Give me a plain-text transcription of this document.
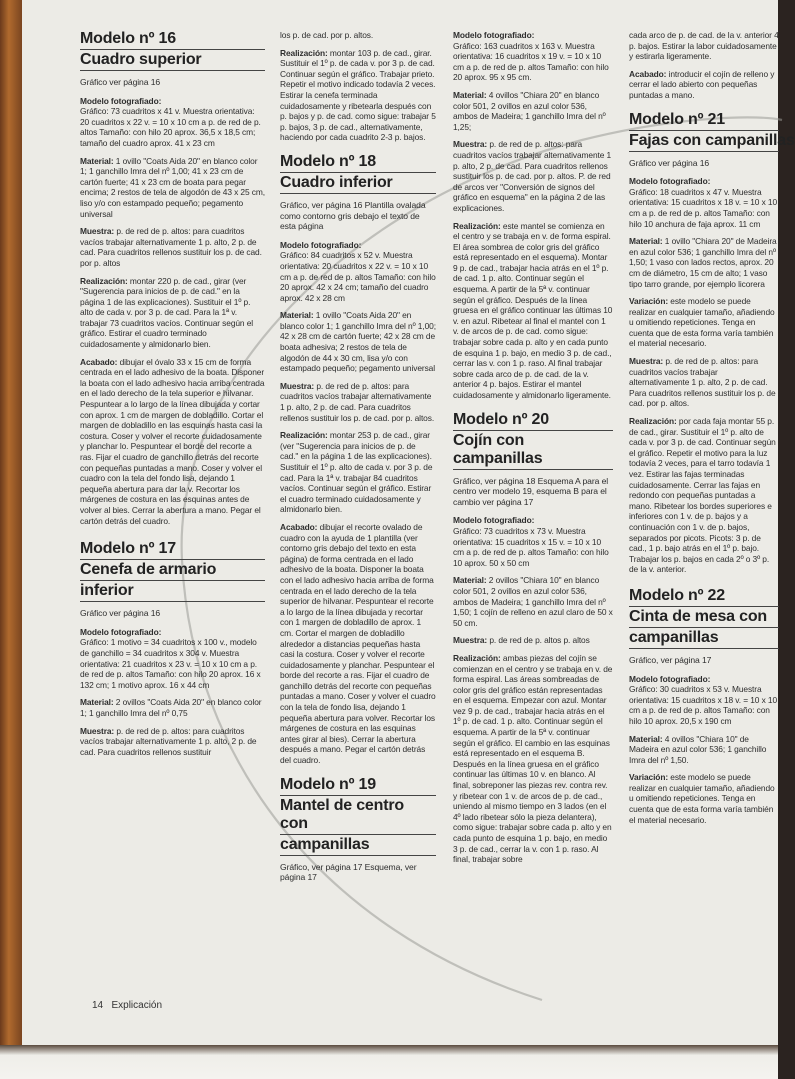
Modelo nº 16
Cuadro superior
Gráfico ver página 16
Modelo fotografiado:

Gráfico: 73 cuadritos x 41 v. Muestra orientativa: 20 cuadritos x 22 v. = 10 x 10 cm a p. de red de p. altos Tamaño: con hilo 20 aprox. 36,5 x 18,5 cm; tamaño del cuadro aprox. 41 x 23 cm

Material: 1 ovillo "Coats Aida 20" en blanco color 1; 1 ganchillo Imra del nº 1,00; 41 x 23 cm de cartón fuerte; 41 x 23 cm de boata para pegar encima; 2 restos de tela de algodón de 43 x 25 cm, liso y/o con estampado pequeño; pegamento universal

Muestra: p. de red de p. altos: para cuadritos vacíos trabajar alternativamente 1 p. alto, 2 p. de cad. Para cuadritos rellenos sustituir los p. de cad. por p. altos

Realización: montar 220 p. de cad., girar (ver "Sugerencia para inicios de p. de cad." en la página 1 de las explicaciones). Sustituir el 1º p. alto de cada v. por 3 p. de cad. Para la 1ª v. trabajar 73 cuadritos vacíos. Continuar según el gráfico. Estirar el cuadro terminado cuidadosamente y almidonarlo bien.

Acabado: dibujar el óvalo 33 x 15 cm de forma centrada en el lado adhesivo de la boata. Disponer la boata con el lado adhesivo hacia arriba centrada en el lado derecho de la tela superior e hilvanar. Pespuntear a lo largo de la línea dibujada y cortar con aprox. 1 cm de margen de dobladillo. Cortar el margen de dobladillo en las esquinas hasta casi la costura. Coser y volver el recorte cuidadosamente y planchar lo. Pespuntear el borde del recorte a ras. Fijar el cuadro de ganchillo detrás del recorte con pequeñas puntadas a mano. Coser y volver el cuadro con la tela del fondo lisa, dejando 1 pequeña abertura para dar la v. Recortar los márgenes de costura en las esquinas antes de volver al bies. Cerrar la abertura a mano. Pegar el cartón detrás del cuadro.

Modelo nº 17
Cenefa de armario
inferior
Gráfico ver página 16
Modelo fotografiado:

Gráfico: 1 motivo = 34 cuadritos x 100 v., modelo de ganchillo = 34 cuadritos x 304 v. Muestra orientativa: 21 cuadritos x 23 v. = 10 x 10 cm a p. de red de p. altos Tamaño: con hilo 20 aprox. 16 x 132 cm; 1 motivo aprox. 16 x 44 cm

Material: 2 ovillos "Coats Aida 20" en blanco color 1; 1 ganchillo Imra del nº 0,75

Muestra: p. de red de p. altos: para cuadritos vacíos trabajar alternativamente 1 p. alto, 2 p. de cad. Para cuadritos rellenos sustituir

los p. de cad. por p. altos.

Realización: montar 103 p. de cad., girar. Sustituir el 1º p. de cada v. por 3 p. de cad. Continuar según el gráfico. Trabajar prieto. Repetir el motivo indicado todavía 2 veces. Estirar la cenefa terminada cuidadosamente y ribetearla después con p. bajos y p. de cad. como sigue: trabajar 5 p. bajos, 3 p. de cad., alternativamente, haciendo por cada cuadrito 2-3 p. bajos.

Modelo nº 18
Cuadro inferior
Gráfico, ver página 16 Plantilla ovalada como contorno gris debajo el texto de esta página
Modelo fotografiado:

Gráfico: 84 cuadritos x 52 v. Muestra orientativa: 20 cuadritos x 22 v. = 10 x 10 cm a p. de red de p. altos Tamaño: con hilo 20 aprox. 42 x 24 cm; tamaño del cuadro aprox. 42 x 28 cm

Material: 1 ovillo "Coats Aida 20" en blanco color 1; 1 ganchillo Imra del nº 1,00; 42 x 28 cm de cartón fuerte; 42 x 28 cm de boata adhesiva; 2 restos de tela de algodón de 44 x 30 cm, lisa y/o con estampado pequeño; pegamento universal

Muestra: p. de red de p. altos: para cuadritos vacíos trabajar alternativamente 1 p. alto, 2 p. de cad. Para cuadritos rellenos sustituir los p. de cad. por p. altos.

Realización: montar 253 p. de cad., girar (ver "Sugerencia para inicios de p. de cad." en la página 1 de las explicaciones). Sustituir el 1º p. alto de cada v. por 3 p. de cad. Para la 1ª v. trabajar 84 cuadritos vacíos. Continuar según el gráfico. Estirar el cuadro terminado cuidadosamente y almidonarlo bien.

Acabado: dibujar el recorte ovalado de cuadro con la ayuda de 1 plantilla (ver contorno gris debajo del texto en esta página) de forma centrada en el lado adhesivo de la boata. Disponer la boata con el lado adhesivo hacia arriba de forma centrada en el lado derecho de la tela superior de hilvanar. Pespuntear el recorte a lo largo de la línea dibujada y recortar con 1 margen de dobladillo de aprox. 1 cm. Cortar el margen de dobladillo alrededor a distancias pequeñas hasta casi la costura. Coser y volver el recorte cuidadosamente y planchar. Pespuntear el borde del recorte a ras. Fijar el cuadro de ganchillo detrás del recorte con pequeñas puntadas a mano. Coser y volver el cuadro con la tela de fondo lisa, dejando 1 pequeña abertura para volver. Recortar los márgenes de costura en las esquinas antes girar al bies). Cerrar la abertura después a mano. Pegar el cartón detrás del cuadro.

Modelo nº 19
Mantel de centro con
campanillas
Gráfico, ver página 17 Esquema, ver página 17
Modelo fotografiado:

Gráfico: 163 cuadritos x 163 v. Muestra orientativa: 16 cuadritos x 19 v. = 10 x 10 cm a p. de red de p. altos Tamaño: con hilo 20 aprox. 95 x 95 cm.

Material: 4 ovillos "Chiara 20" en blanco color 501, 2 ovillos en azul color 536, ambos de Madeira; 1 ganchillo Imra del nº 1,25;

Muestra: p. de red de p. altos: para cuadritos vacíos trabajar alternativamente 1 p. alto, 2 p. de cad. Para cuadritos rellenos sustituir los p. de cad. por p. altos. P. de red de arcos ver "Conversión de signos del gráfico en esquema" en la página 2 de las explicaciones.

Realización: este mantel se comienza en el centro y se trabaja en v. de forma espiral. El área sombrea de color gris del gráfico está representado en el esquema). Montar 9 p. de cad., trabajar hacia atrás en el 1º p. de cad. 1 p. alto. Continuar según el esquema. A partir de la 5ª v. continuar según el gráfico. Después de la línea gruesa en el gráfico continuar las últimas 10 v. en azul. Ribetear al final el mantel con 1 v. de arcos de p. de cad. como sigue: trabajar sobre cada p. alto y en cada punto de esquina 1 p. bajo, en medio 3 p. de cad., cerrar las v. con 1 p. raso. Al final trabajar sobre cada arco de p. de cad. de la v. anterior 4 p. bajos. Estirar el mantel cuidadosamente y almidonarlo ligeramente.

Modelo nº 20
Cojín con campanillas
Gráfico, ver página 18 Esquema A para el centro ver modelo 19, esquema B para el cambio ver página 17
Modelo fotografiado:

Gráfico: 73 cuadritos x 73 v. Muestra orientativa: 15 cuadritos x 15 v. = 10 x 10 cm a p. de red de p. altos Tamaño: con hilo 10 aprox. 50 x 50 cm

Material: 2 ovillos "Chiara 10" en blanco color 501, 2 ovillos en azul color 536, ambos de Madeira; 1 ganchillo Imra del nº 1,50; 1 cojín de relleno en azul claro de 50 x 50 cm.

Muestra: p. de red de p. altos p. altos

Realización: ambas piezas del cojín se comienzan en el centro y se trabaja en v. de forma espiral. Las áreas sombreadas de color gris del gráfico están representadas en el esquema. Empezar con azul. Montar vez 9 p. de cad., trabajar hacia atrás en el 1º p. de cad. 1 p. alto. Continuar según el esquema. A partir de la 5ª v. continuar según el gráfico. El cambio en las esquinas está representado en el esquema B. Después en la línea gruesa en el gráfico continuar las últimas 10 v. en blanco. Al final, sobreponer las piezas rev. contra rev. y ribetear con 1 v. de arcos de p. de cad., uniendo al mismo tiempo en 3 lados (en el 4º lado ribetear sólo la pieza delantera), como sigue: trabajar sobre cada p. alto y en cada punto de esquina 1 p. bajo, en medio 3 p. de cad., cerrar la v. con 1 p. raso. Al final, trabajar sobre

cada arco de p. de cad. de la v. anterior 4 p. bajos. Estirar la labor cuidadosamente y estirarla ligeramente.

Acabado: introducir el cojín de relleno y cerrar el lado abierto con pequeñas puntadas a mano.

Modelo nº 21
Fajas con campanillas
Gráfico ver página 16
Modelo fotografiado:

Gráfico: 18 cuadritos x 47 v. Muestra orientativa: 15 cuadritos x 18 v. = 10 x 10 cm a p. de red de p. altos Tamaño: con hilo 10 anchura de faja aprox. 11 cm

Material: 1 ovillo "Chiara 20" de Madeira en azul color 536; 1 ganchillo Imra del nº 1,50; 1 vaso con lados rectos, aprox. 20 cm de diámetro, 15 cm de alto; 1 vaso tipo tarro grande, por ejemplo licorera

Variación: este modelo se puede realizar en cualquier tamaño, añadiendo u omitiendo repeticiones. Tenga en cuenta que de esta forma varía también el material necesario.

Muestra: p. de red de p. altos: para cuadritos vacíos trabajar alternativamente 1 p. alto, 2 p. de cad. Para cuadritos rellenos sustituir los p. de cad. por p. altos.

Realización: por cada faja montar 55 p. de cad., girar. Sustituir el 1º p. alto de cada v. por 3 p. de cad. Continuar según el gráfico. Repetir el motivo para la luz todavía 2 veces, para el tarro todavía 1 vez. Estirar las fajas terminadas cuidadosamente. Cerrar las fajas en redondo con pequeñas puntadas a mano. Ribetear los bordes superiores e inferiores con 1 v. de p. bajos y a continuación con 1 v. de p. bajos, separados por picots. Picots: 3 p. de cad., 1 p. bajo atrás en el 1º p. bajo. Trabajar los p. bajos en cada 2º o 3º p. de la v. anterior.

Modelo nº 22
Cinta de mesa con
campanillas
Gráfico, ver página 17
Modelo fotografiado:

Gráfico: 30 cuadritos x 53 v. Muestra orientativa: 15 cuadritos x 18 v. = 10 x 10 cm a p. de red de p. altos Tamaño: con hilo 10 aprox. 20,5 x 190 cm

Material: 4 ovillos "Chiara 10" de Madeira en azul color 536; 1 ganchillo Imra del nº 1,50.

Variación: este modelo se puede realizar en cualquier tamaño, añadiendo u omitiendo repeticiones. Tenga en cuenta que de esta forma varía también el material necesario.

14 Explicación
